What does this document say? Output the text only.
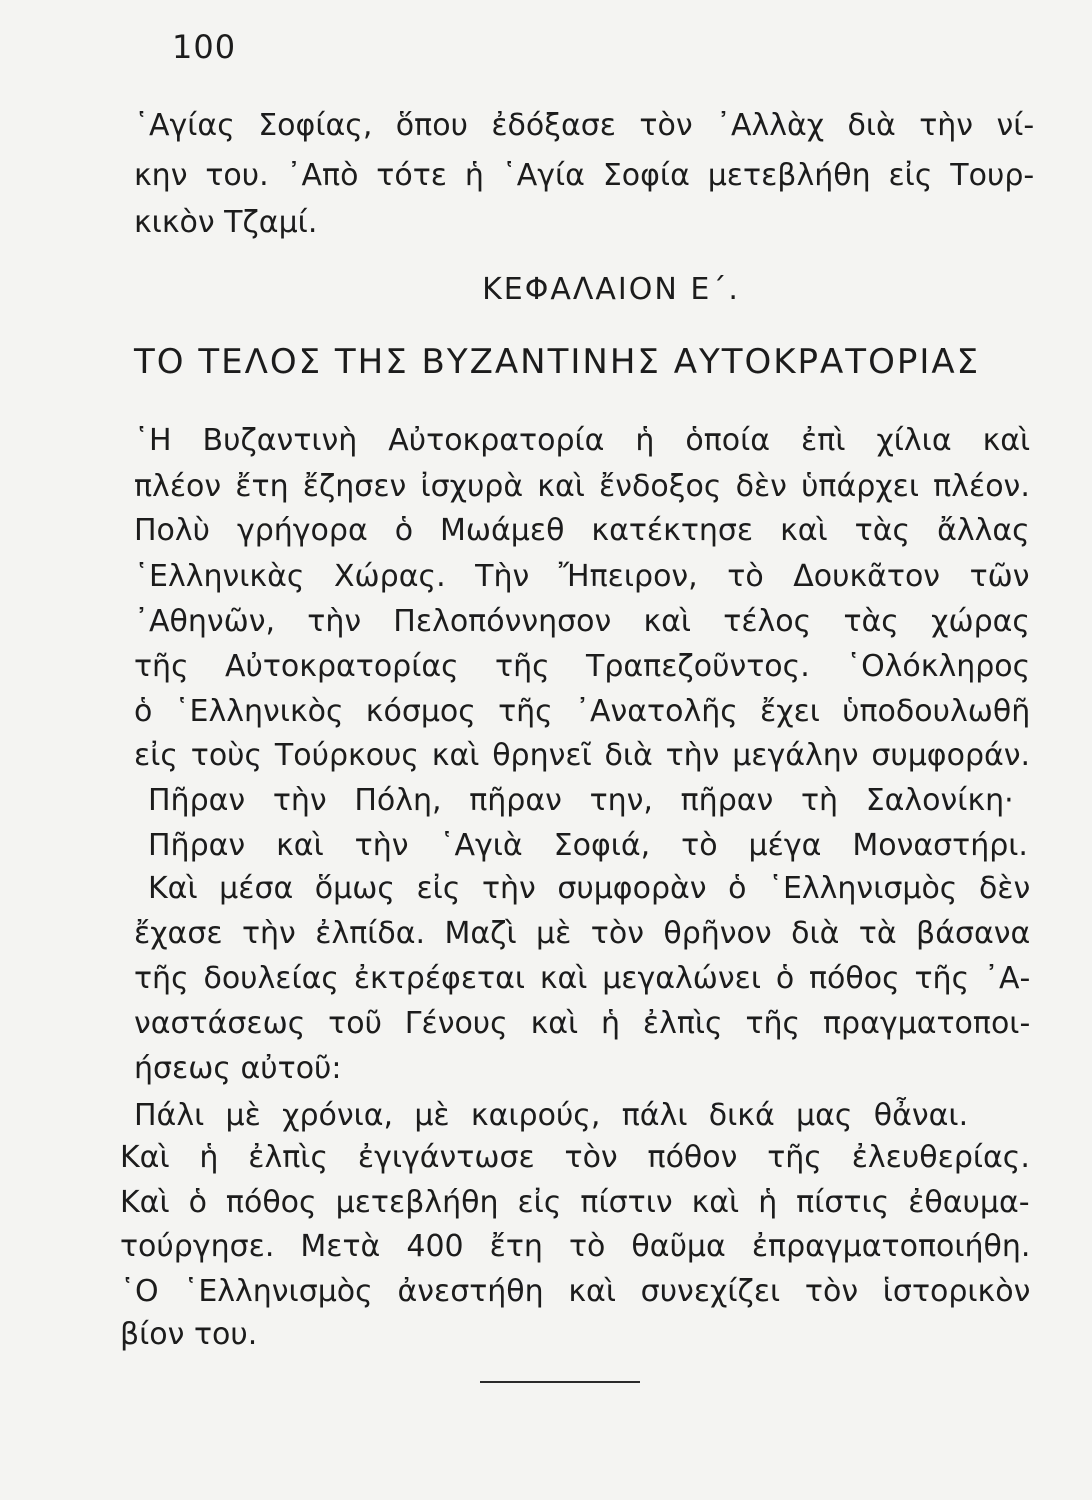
100
῾Αγίας Σοφίας, ὅπου ἐδόξασε τὸν ᾿Αλλὰχ διὰ τὴν νί-
κην του. ᾿Απὸ τότε ἡ ῾Αγία Σοφία μετεβλήθη εἰς Τουρ-
κικὸν Τζαμί.
ΚΕΦΑΛΑΙΟΝ Ε΄.
ΤΟ ΤΕΛΟΣ ΤΗΣ ΒΥΖΑΝΤΙΝΗΣ ΑΥΤΟΚΡΑΤΟΡΙΑΣ
῾Η Βυζαντινὴ Αὐτοκρατορία ἡ ὁποία ἐπὶ χίλια καὶ
πλέον ἔτη ἔζησεν ἰσχυρὰ καὶ ἔνδοξος δὲν ὑπάρχει πλέον.
Πολὺ γρήγορα ὁ Μωάμεθ κατέκτησε καὶ τὰς ἄλλας
῾Ελληνικὰς Χώρας. Τὴν Ἤπειρον, τὸ Δουκᾶτον τῶν
᾿Αθηνῶν, τὴν Πελοπόννησον καὶ τέλος τὰς χώρας
τῆς Αὐτοκρατορίας τῆς Τραπεζοῦντος. ῾Ολόκληρος
ὁ ῾Ελληνικὸς κόσμος τῆς ᾿Ανατολῆς ἔχει ὑποδουλωθῆ
εἰς τοὺς Τούρκους καὶ θρηνεῖ διὰ τὴν μεγάλην συμφοράν.
Πῆραν τὴν Πόλη, πῆραν την, πῆραν τὴ Σαλονίκη·
Πῆραν καὶ τὴν ῾Αγιὰ Σοφιά, τὸ μέγα Μοναστήρι.
Καὶ μέσα ὅμως εἰς τὴν συμφορὰν ὁ ῾Ελληνισμὸς δὲν
ἔχασε τὴν ἐλπίδα. Μαζὶ μὲ τὸν θρῆνον διὰ τὰ βάσανα
τῆς δουλείας ἐκτρέφεται καὶ μεγαλώνει ὁ πόθος τῆς ᾿Α-
ναστάσεως τοῦ Γένους καὶ ἡ ἐλπὶς τῆς πραγματοποι-
ήσεως αὐτοῦ:
Πάλι μὲ χρόνια, μὲ καιρούς, πάλι δικά μας θἆναι.
Καὶ ἡ ἐλπὶς ἐγιγάντωσε τὸν πόθον τῆς ἐλευθερίας.
Καὶ ὁ πόθος μετεβλήθη εἰς πίστιν καὶ ἡ πίστις ἐθαυμα-
τούργησε. Μετὰ 400 ἔτη τὸ θαῦμα ἐπραγματοποιήθη.
῾Ο ῾Ελληνισμὸς ἀνεστήθη καὶ συνεχίζει τὸν ἱστορικὸν
βίον του.
